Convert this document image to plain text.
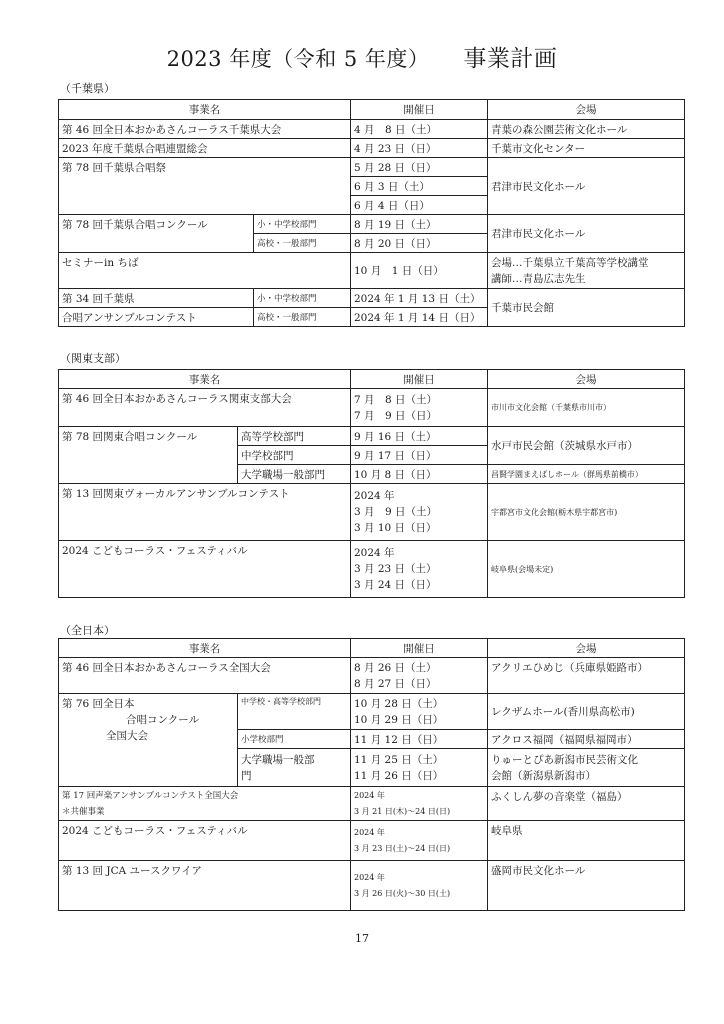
2023 年度（令和 5 年度） 事業計画
（千葉県）
事業名		開催日	会場
第 46 回全日本おかあさんコーラス千葉県大会		4 月　8 日（土）	青葉の森公園芸術文化ホール
2023 年度千葉県合唱連盟総会		4 月 23 日（日）	千葉市文化センター
第 78 回千葉県合唱祭		5 月 28 日（日）	君津市民文化ホール
		6 月 3 日（土）	
		6 月 4 日（日）	
第 78 回千葉県合唱コンクール	小・中学校部門	8 月 19 日（土）	君津市民文化ホール
	高校・一般部門	8 月 20 日（日）	
セミナーin ちば		10 月　1 日（日）	会場…千葉県立千葉高等学校講堂
講師…青島広志先生

第 34 回千葉県	小・中学校部門	2024 年 1 月 13 日（土）	千葉市民会館
合唱アンサンブルコンテスト	高校・一般部門	2024 年 1 月 14 日（日）	
（関東支部）
事業名		開催日	会場
第 46 回全日本おかあさんコーラス関東支部大会		7 月　8 日（土）
7 月　9 日（日）	市川市文化会館（千葉県市川市）
第 78 回関東合唱コンクール	高等学校部門	9 月 16 日（土）	水戸市民会館（茨城県水戸市）
	中学校部門	9 月 17 日（日）	
	大学職場一般部門	10 月 8 日（日）	昌賢学園まえばしホール（群馬県前橋市）
第 13 回関東ヴォーカルアンサンブルコンテスト		2024 年
3 月　9 日（土）
3 月 10 日（日）	宇都宮市文化会館(栃木県宇都宮市)
2024 こどもコーラス・フェスティバル		2024 年
3 月 23 日（土）
3 月 24 日（日）	岐阜県(会場未定)
（全日本）
事業名		開催日	会場
第 46 回全日本おかあさんコーラス全国大会		8 月 26 日（土）
8 月 27 日（日）	アクリエひめじ（兵庫県姫路市）

第 76 回全日本
合唱コンクール
全国大会	中学校・高等学校部門	10 月 28 日（土）
10 月 29 日（日）	レクザムホール(香川県高松市)
	小学校部門	11 月 12 日（日）	アクロス福岡（福岡県福岡市）

	大学職場一般部
門	11 月 25 日（土）
11 月 26 日（日）	りゅーとぴあ新潟市民芸術文化
会館（新潟県新潟市）

第 17 回声楽アンサンブルコンテスト全国大会
＊共催事業		2024 年
3 月 21 日(木)〜24 日(日)	ふくしん夢の音楽堂（福島）
2024 こどもコーラス・フェスティバル		2024 年
3 月 23 日(土)〜24 日(日)	岐阜県
第 13 回 JCA ユースクワイア		2024 年
3 月 26 日(火)〜30 日(土)	盛岡市民文化ホール
17
